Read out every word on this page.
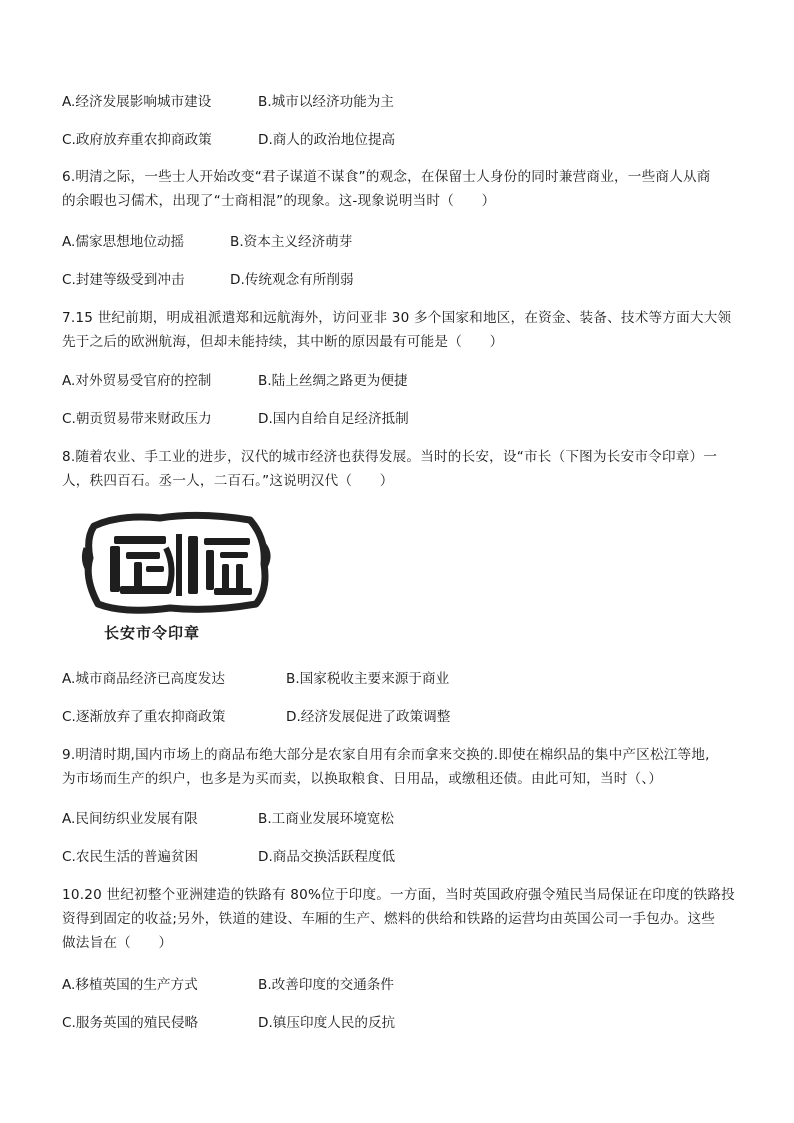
A.经济发展影响城市建设	B.城市以经济功能为主
C.政府放弃重农抑商政策	D.商人的政治地位提高
6.明清之际，一些士人开始改变“君子谋道不谋食”的观念，在保留士人身份的同时兼营商业，一些商人从商
的余暇也习儒术，出现了“士商相混”的现象。这-现象说明当时（　　）
A.儒家思想地位动摇	B.资本主义经济萌芽
C.封建等级受到冲击	D.传统观念有所削弱
7.15 世纪前期，明成祖派遣郑和远航海外，访问亚非 30 多个国家和地区，在资金、装备、技术等方面大大领
先于之后的欧洲航海，但却未能持续，其中断的原因最有可能是（　　）
A.对外贸易受官府的控制	B.陆上丝绸之路更为便捷
C.朝贡贸易带来财政压力	D.国内自给自足经济抵制
8.随着农业、手工业的进步，汉代的城市经济也获得发展。当时的长安，设“市长（下图为长安市令印章）一
人，秩四百石。丞一人，二百石。”这说明汉代（　　）
长安市令印章
A.城市商品经济已高度发达	B.国家税收主要来源于商业
C.逐渐放弃了重农抑商政策	D.经济发展促进了政策调整
9.明清时期,国内市场上的商品布绝大部分是农家自用有余而拿来交换的.即使在棉织品的集中产区松江等地,
为市场而生产的织户，也多是为买而卖，以换取粮食、日用品，或缴租还债。由此可知，当时（、）
A.民间纺织业发展有限	B.工商业发展环境宽松
C.农民生活的普遍贫困	D.商品交换活跃程度低
10.20 世纪初整个亚洲建造的铁路有 80%位于印度。一方面，当时英国政府强令殖民当局保证在印度的铁路投
资得到固定的收益;另外，铁道的建设、车厢的生产、燃料的供给和铁路的运营均由英国公司一手包办。这些
做法旨在（　　）
A.移植英国的生产方式	B.改善印度的交通条件
C.服务英国的殖民侵略	D.镇压印度人民的反抗
